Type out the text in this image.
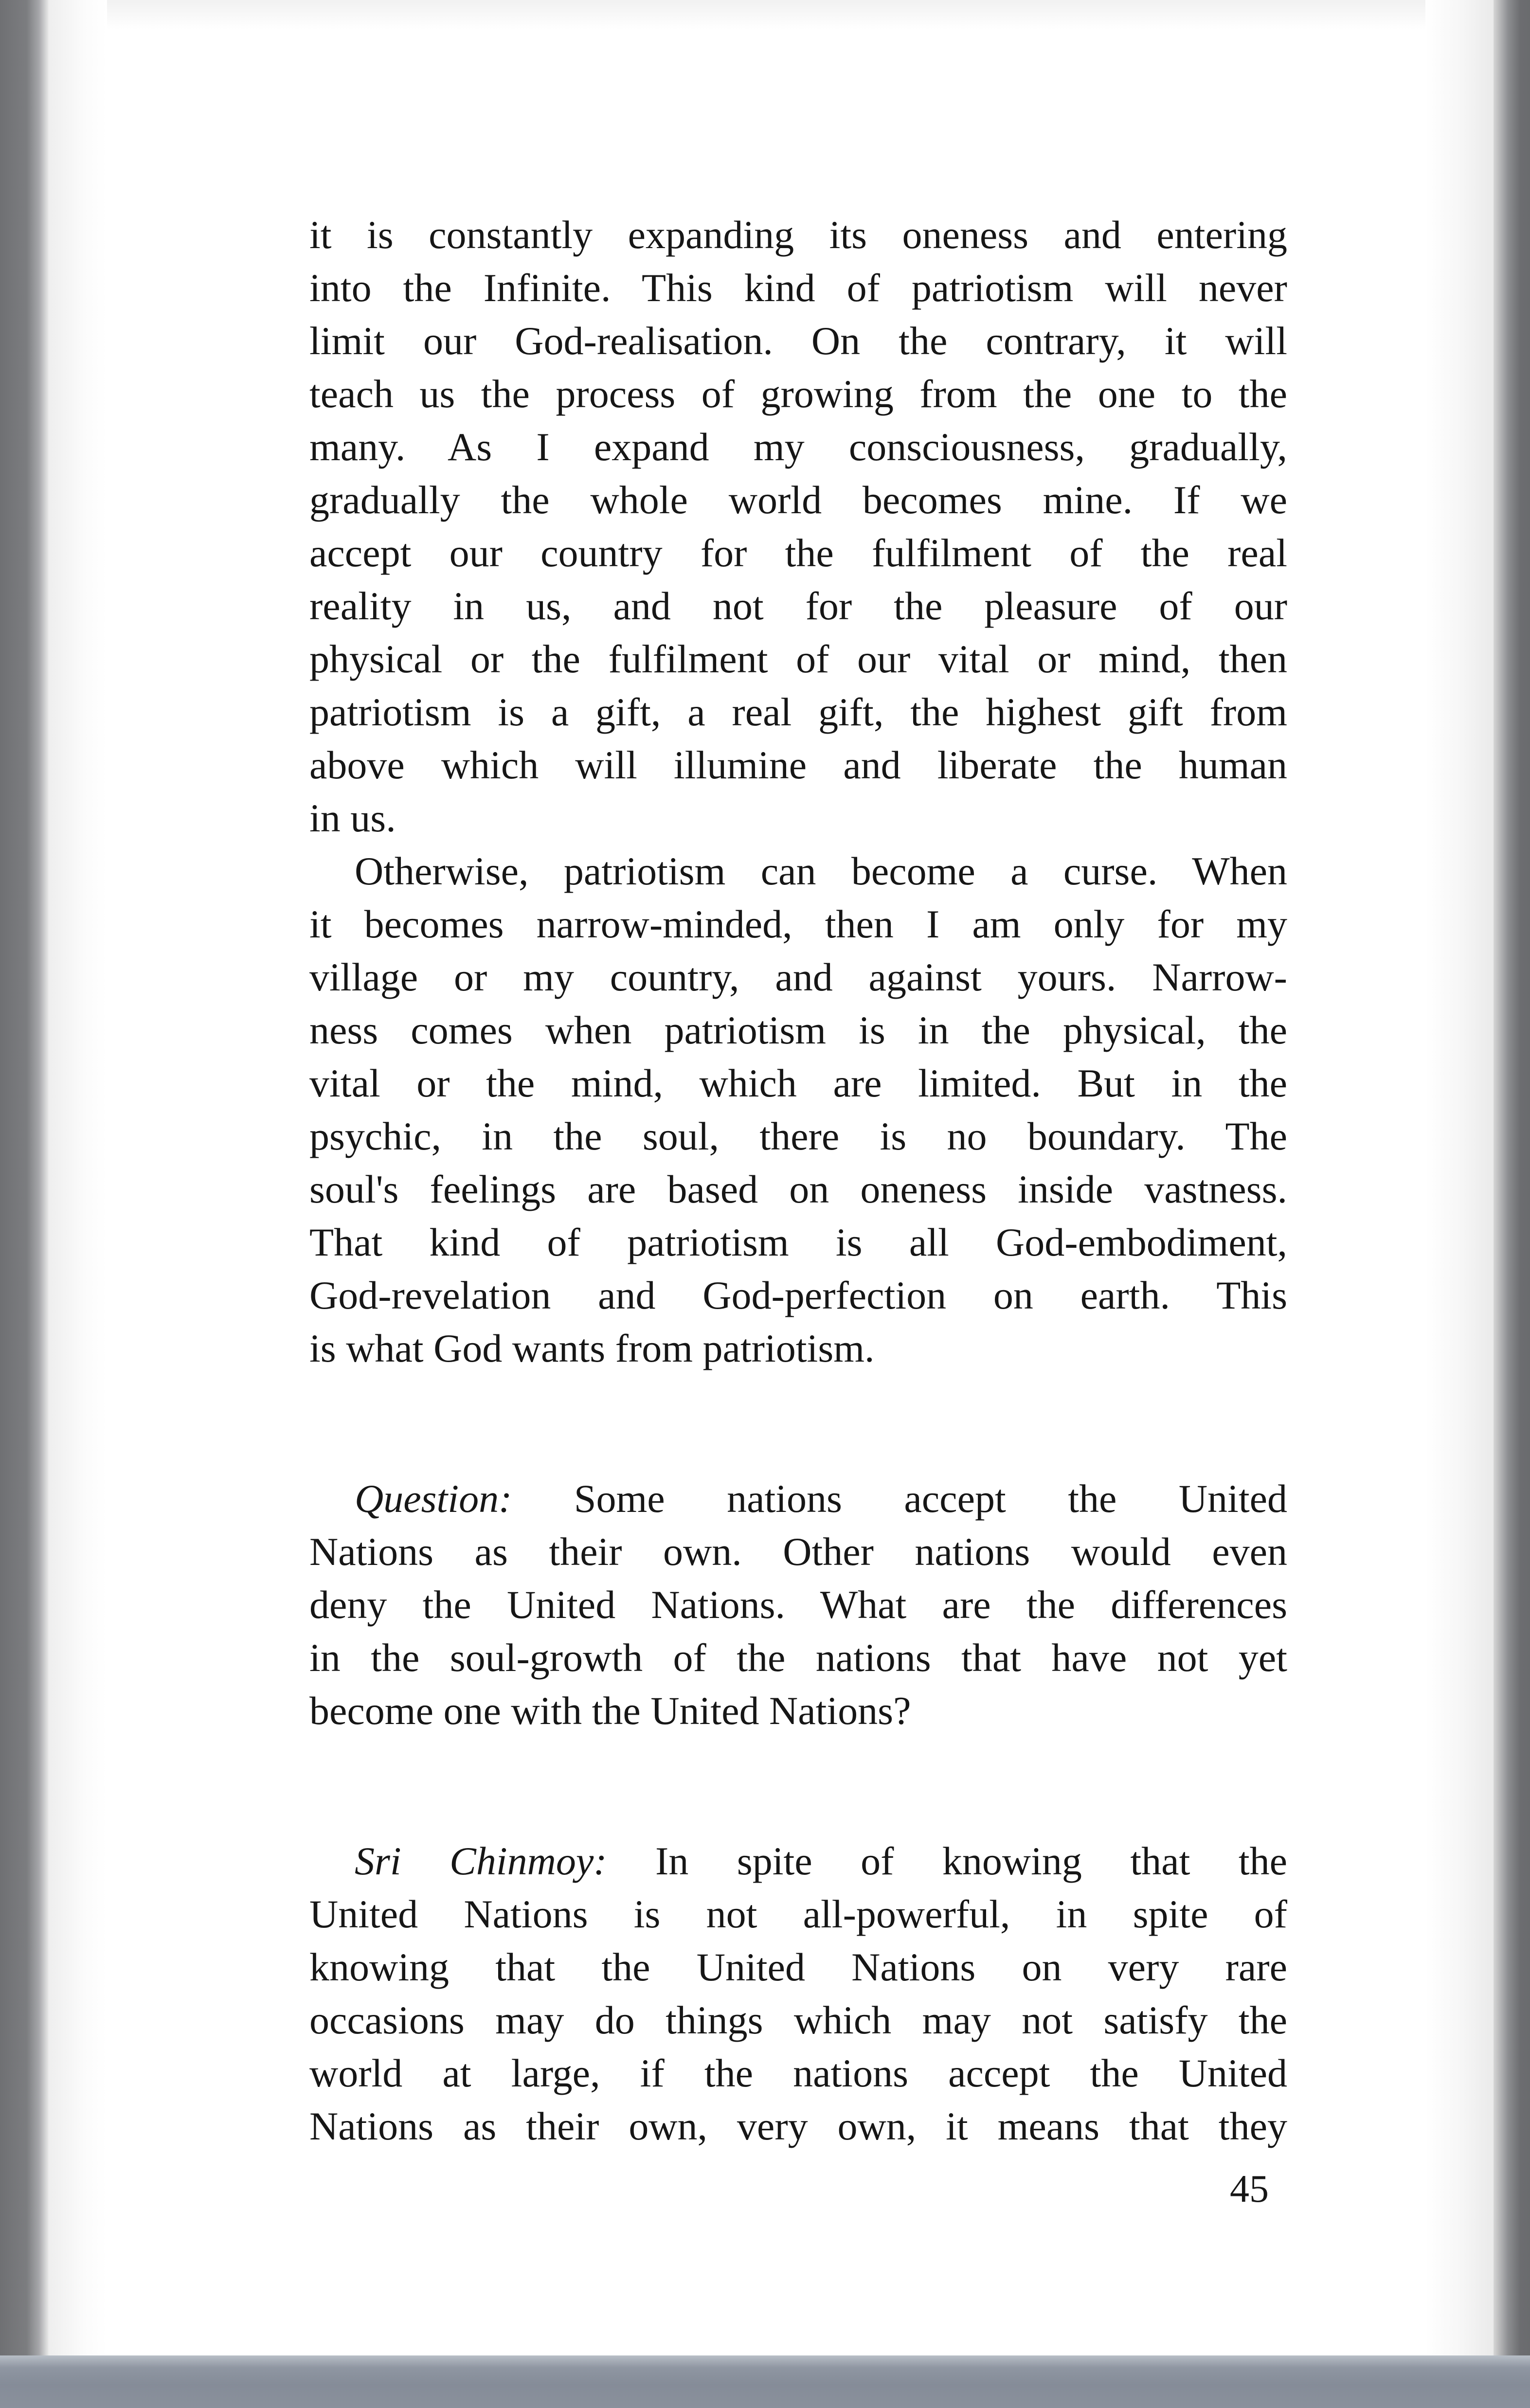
it is constantly expanding its oneness and entering
into the Infinite. This kind of patriotism will never
limit our God-realisation. On the contrary, it will
teach us the process of growing from the one to the
many. As I expand my consciousness, gradually,
gradually the whole world becomes mine. If we
accept our country for the fulfilment of the real
reality in us, and not for the pleasure of our
physical or the fulfilment of our vital or mind, then
patriotism is a gift, a real gift, the highest gift from
above which will illumine and liberate the human
in us.
Otherwise, patriotism can become a curse. When
it becomes narrow-minded, then I am only for my
village or my country, and against yours. Narrow-
ness comes when patriotism is in the physical, the
vital or the mind, which are limited. But in the
psychic, in the soul, there is no boundary. The
soul's feelings are based on oneness inside vastness.
That kind of patriotism is all God-embodiment,
God-revelation and God-perfection on earth. This
is what God wants from patriotism.
Question: Some nations accept the United
Nations as their own. Other nations would even
deny the United Nations. What are the differences
in the soul-growth of the nations that have not yet
become one with the United Nations?
Sri Chinmoy: In spite of knowing that the
United Nations is not all-powerful, in spite of
knowing that the United Nations on very rare
occasions may do things which may not satisfy the
world at large, if the nations accept the United
Nations as their own, very own, it means that they
45
